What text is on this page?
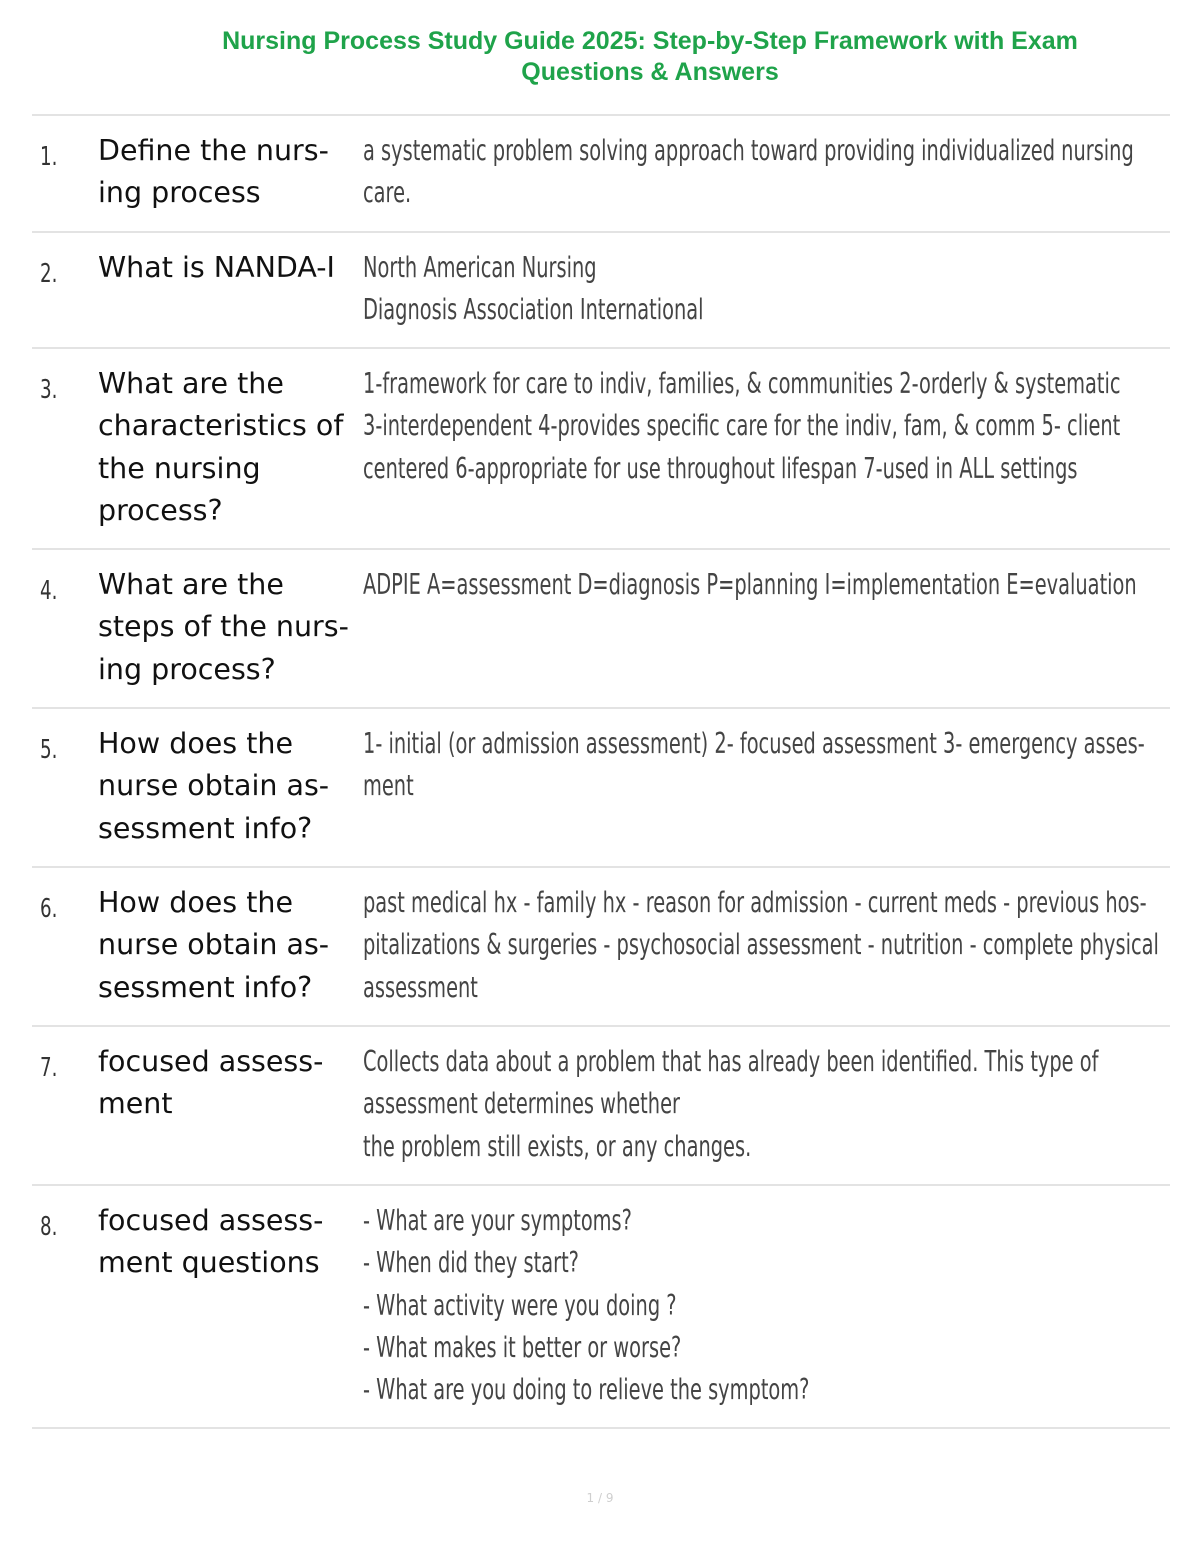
Nursing Process Study Guide 2025: Step-by-Step Framework with Exam
Questions & Answers
1. Define the nurs-
ing process
a systematic problem solving approach toward providing individualized nursing
care.
2. What is NANDA-I North American Nursing
Diagnosis Association International
3. What are the
characteristics of
the nursing
process?
1-framework for care to indiv, families, & communities 2-orderly & systematic
3-interdependent 4-provides specific care for the indiv, fam, & comm 5- client
centered 6-appropriate for use throughout lifespan 7-used in ALL settings
4. What are the
steps of the nurs-
ing process?
ADPIE A=assessment D=diagnosis P=planning I=implementation E=evaluation
5. How does the
nurse obtain as-
sessment info?
1- initial (or admission assessment) 2- focused assessment 3- emergency asses-
ment
6. How does the
nurse obtain as-
sessment info?
past medical hx - family hx - reason for admission - current meds - previous hos-
pitalizations & surgeries - psychosocial assessment - nutrition - complete physical
assessment
7. focused assess-
ment
Collects data about a problem that has already been identified. This type of
assessment determines whether
the problem still exists, or any changes.
8. focused assess-
ment questions
- What are your symptoms?
- When did they start?
- What activity were you doing ?
- What makes it better or worse?
- What are you doing to relieve the symptom?
1 / 9
